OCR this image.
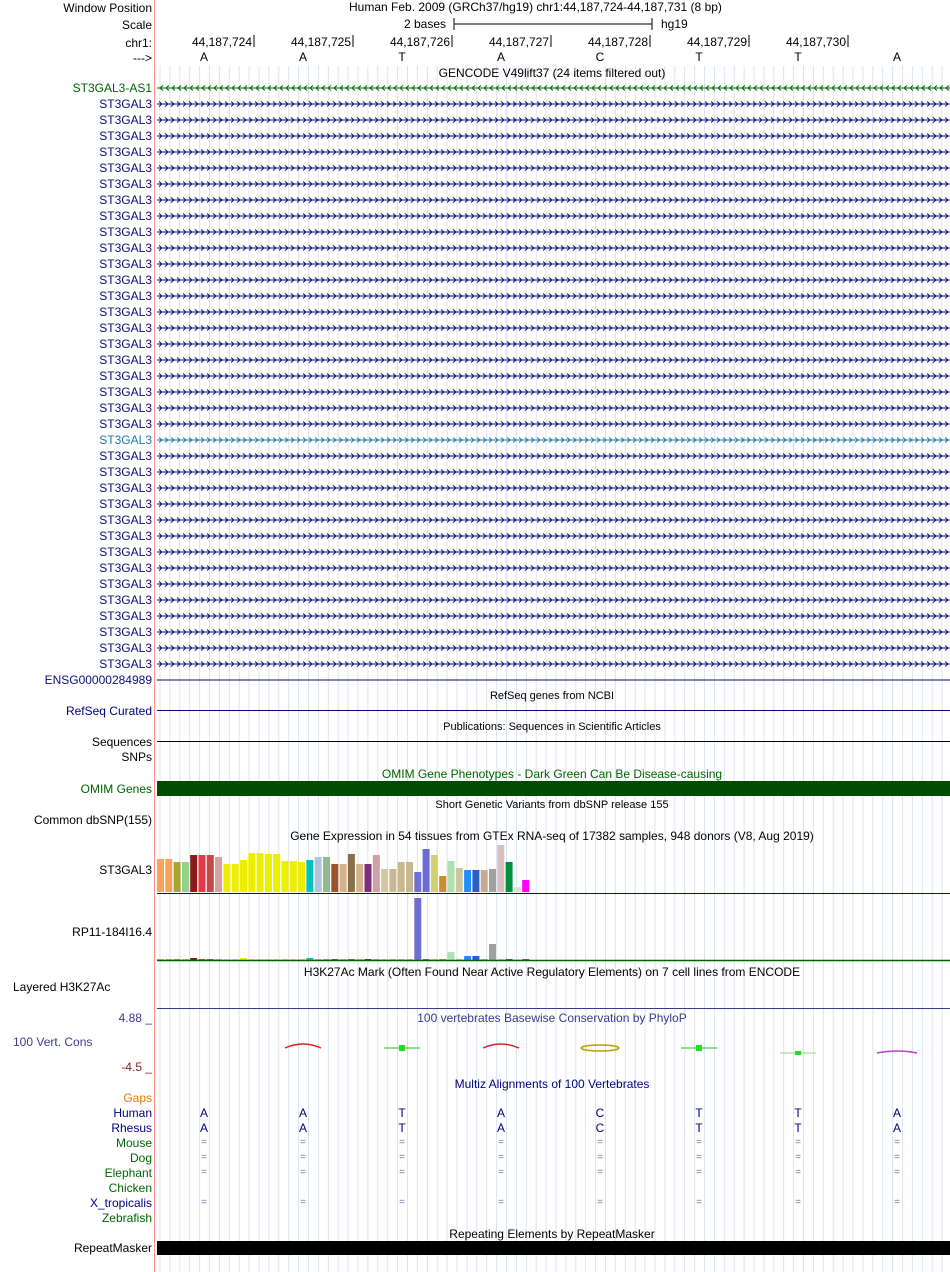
Window Position	Human Feb. 2009 (GRCh37/hg19) chr1:44,187,724-44,187,731 (8 bp)
Scale	2 bases	hg19
chr1:
--->
44,187,724	44,187,725	44,187,726	44,187,727	44,187,728	44,187,729	44,187,730
A	A	T	A	C	T	T	A
GENCODE V49lift37 (24 items filtered out)
ST3GAL3-AS1
ST3GAL3
ST3GAL3
ST3GAL3
ST3GAL3
ST3GAL3
ST3GAL3
ST3GAL3
ST3GAL3
ST3GAL3
ST3GAL3
ST3GAL3
ST3GAL3
ST3GAL3
ST3GAL3
ST3GAL3
ST3GAL3
ST3GAL3
ST3GAL3
ST3GAL3
ST3GAL3
ST3GAL3
ST3GAL3
ST3GAL3
ST3GAL3
ST3GAL3
ST3GAL3
ST3GAL3
ST3GAL3
ST3GAL3
ST3GAL3
ST3GAL3
ST3GAL3
ST3GAL3
ST3GAL3
ST3GAL3
ST3GAL3
ENSG00000284989
RefSeq genes from NCBI
RefSeq Curated
Publications: Sequences in Scientific Articles
Sequences
SNPs
OMIM Gene Phenotypes - Dark Green Can Be Disease-causing
OMIM Genes
Short Genetic Variants from dbSNP release 155
Common dbSNP(155)
Gene Expression in 54 tissues from GTEx RNA-seq of 17382 samples, 948 donors (V8, Aug 2019)
ST3GAL3
RP11-184I16.4
H3K27Ac Mark (Often Found Near Active Regulatory Elements) on 7 cell lines from ENCODE
Layered H3K27Ac
4.88 _	100 vertebrates Basewise Conservation by PhyloP
100 Vert. Cons
-4.5 _
Multiz Alignments of 100 Vertebrates
Gaps
Human	A	A	T	A	C	T	T	A
Rhesus	A	A	T	A	C	T	T	A
Mouse	=	=	=	=	=	=	=	=
Dog	=	=	=	=	=	=	=	=
Elephant	=	=	=	=	=	=	=	=
Chicken
X_tropicalis	=	=	=	=	=	=	=	=
Zebrafish
Repeating Elements by RepeatMasker
RepeatMasker
